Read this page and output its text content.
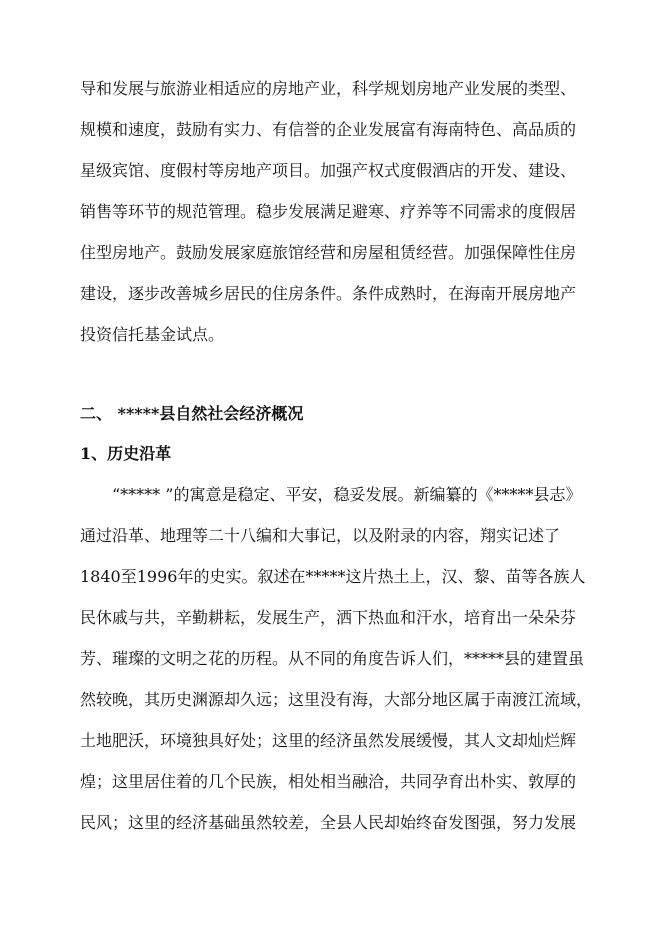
导和发展与旅游业相适应的房地产业，科学规划房地产业发展的类型、
规模和速度，鼓励有实力、有信誉的企业发展富有海南特色、高品质的
星级宾馆、度假村等房地产项目。加强产权式度假酒店的开发、建设、
销售等环节的规范管理。稳步发展满足避寒、疗养等不同需求的度假居
住型房地产。鼓励发展家庭旅馆经营和房屋租赁经营。加强保障性住房
建设，逐步改善城乡居民的住房条件。条件成熟时，在海南开展房地产
投资信托基金试点。
二、 *****县自然社会经济概况
1、历史沿革
“***** ”的寓意是稳定、平安，稳妥发展。新编纂的《*****县志》
通过沿革、地理等二十八编和大事记，以及附录的内容，翔实记述了
1840至1996年的史实。叙述在*****这片热土上，汉、黎、苗等各族人
民休戚与共，辛勤耕耘，发展生产，洒下热血和汗水，培育出一朵朵芬
芳、璀璨的文明之花的历程。从不同的角度告诉人们，*****县的建置虽
然较晚，其历史渊源却久远；这里没有海，大部分地区属于南渡江流域，
土地肥沃，环境独具好处；这里的经济虽然发展缓慢，其人文却灿烂辉
煌；这里居住着的几个民族，相处相当融洽，共同孕育出朴实、敦厚的
民风；这里的经济基础虽然较差，全县人民却始终奋发图强，努力发展
